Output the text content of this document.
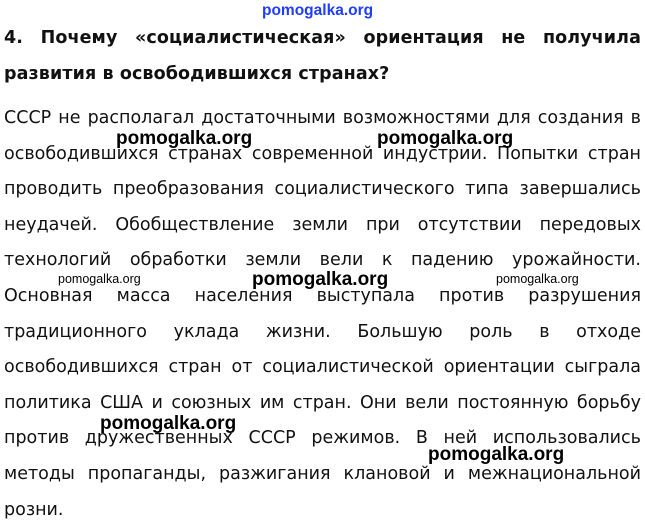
pomogalka.org
4. Почему «социалистическая» ориентация не получила развития в освободившихся странах?
СССР не располагал достаточными возможностями для создания в освободившихся странах современной индустрии. Попытки стран проводить преобразования социалистического типа завершались неудачей. Обобществление земли при отсутствии передовых технологий обработки земли вели к падению урожайности. Основная масса населения выступала против разрушения традиционного уклада жизни. Большую роль в отходе освободившихся стран от социалистической ориентации сыграла политика США и союзных им стран. Они вели постоянную борьбу против дружественных СССР режимов. В ней использовались методы пропаганды, разжигания клановой и межнациональной розни.
pomogalka.org	pomogalka.org
pomogalka.org	pomogalka.org	pomogalka.org
pomogalka.org
pomogalka.org
